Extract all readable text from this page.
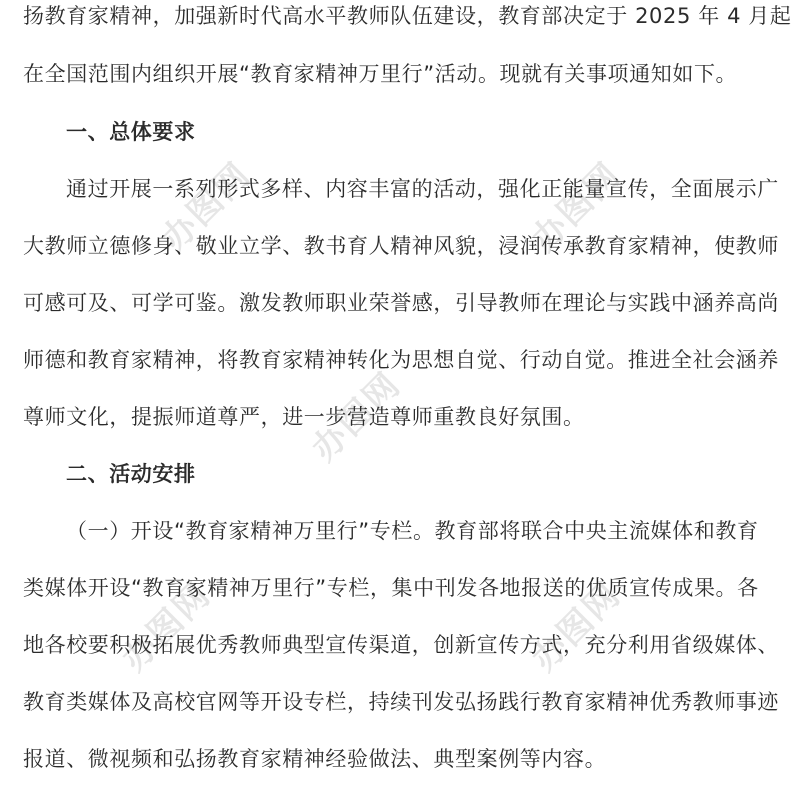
办图网	办图网
办图网
办图网	办图网
扬教育家精神，加强新时代高水平教师队伍建设，教育部决定于 2025 年 4 月起
在全国范围内组织开展“教育家精神万里行”活动。现就有关事项通知如下。
一、总体要求
通过开展一系列形式多样、内容丰富的活动，强化正能量宣传，全面展示广
大教师立德修身、敬业立学、教书育人精神风貌，浸润传承教育家精神，使教师
可感可及、可学可鉴。激发教师职业荣誉感，引导教师在理论与实践中涵养高尚
师德和教育家精神，将教育家精神转化为思想自觉、行动自觉。推进全社会涵养
尊师文化，提振师道尊严，进一步营造尊师重教良好氛围。
二、活动安排
（一）开设“教育家精神万里行”专栏。教育部将联合中央主流媒体和教育
类媒体开设“教育家精神万里行”专栏，集中刊发各地报送的优质宣传成果。各
地各校要积极拓展优秀教师典型宣传渠道，创新宣传方式，充分利用省级媒体、
教育类媒体及高校官网等开设专栏，持续刊发弘扬践行教育家精神优秀教师事迹
报道、微视频和弘扬教育家精神经验做法、典型案例等内容。
